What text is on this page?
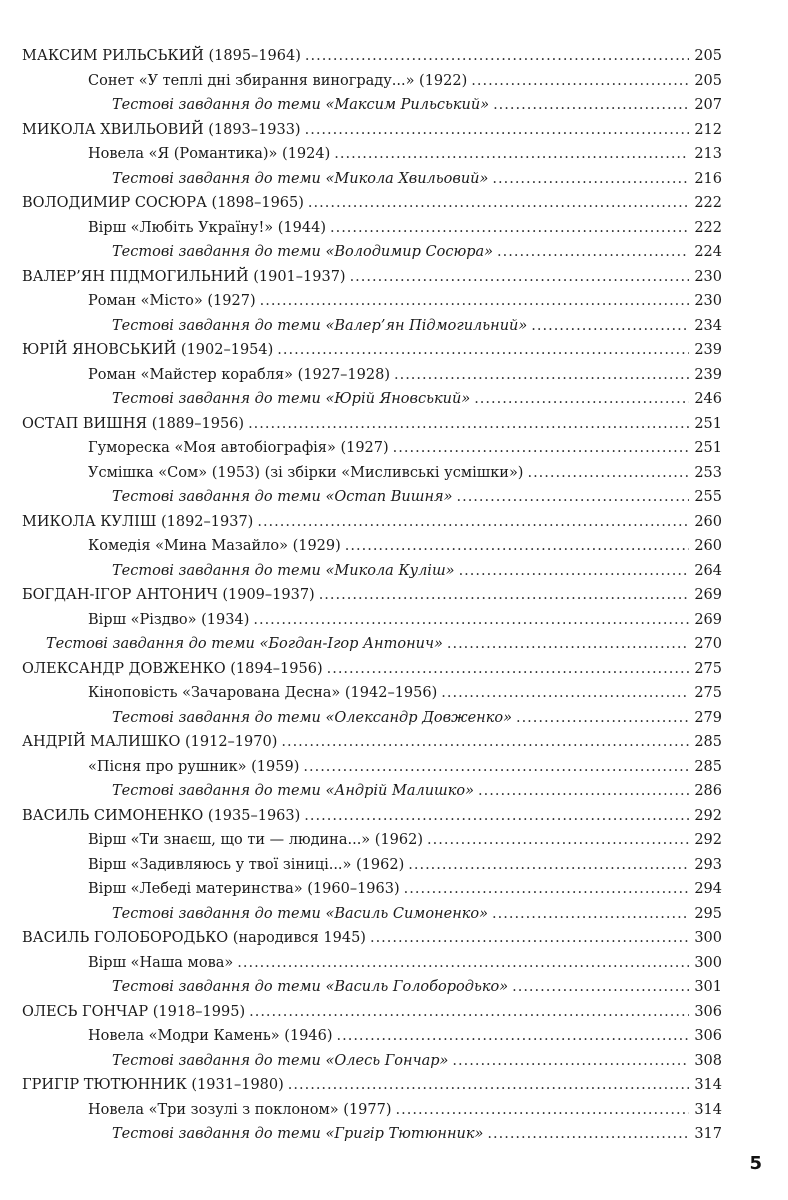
МАКСИМ РИЛЬСЬКИЙ (1895–1964) .....	205
Сонет «У теплі дні збирання винограду...» (1922) .....	205
Тестові завдання до теми «Максим Рильський» .....	207
МИКОЛА ХВИЛЬОВИЙ (1893–1933) .....	212
Новела «Я (Романтика)» (1924) .....	213
Тестові завдання до теми «Микола Хвильовий» .....	216
ВОЛОДИМИР СОСЮРА (1898–1965) .....	222
Вірш «Любіть Україну!» (1944) .....	222
Тестові завдання до теми «Володимир Сосюра» .....	224
ВАЛЕР’ЯН ПІДМОГИЛЬНИЙ (1901–1937) .....	230
Роман «Місто» (1927) .....	230
Тестові завдання до теми «Валер’ян Підмогильний» .....	234
ЮРІЙ ЯНОВСЬКИЙ (1902–1954) .....	239
Роман «Майстер корабля» (1927–1928) .....	239
Тестові завдання до теми «Юрій Яновський» .....	246
ОСТАП ВИШНЯ (1889–1956) .....	251
Гумореска «Моя автобіографія» (1927) .....	251
Усмішка «Сом» (1953) (зі збірки «Мисливські усмішки») .....	253
Тестові завдання до теми «Остап Вишня» .....	255
МИКОЛА КУЛІШ (1892–1937) .....	260
Комедія «Мина Мазайло» (1929) .....	260
Тестові завдання до теми «Микола Куліш» .....	264
БОГДАН-ІГОР АНТОНИЧ (1909–1937) .....	269
Вірш «Різдво» (1934) .....	269
Тестові завдання до теми «Богдан-Ігор Антонич» .....	270
ОЛЕКСАНДР ДОВЖЕНКО (1894–1956) .....	275
Кіноповість «Зачарована Десна» (1942–1956) .....	275
Тестові завдання до теми «Олександр Довженко» .....	279
АНДРІЙ МАЛИШКО (1912–1970) .....	285
«Пісня про рушник» (1959) .....	285
Тестові завдання до теми «Андрій Малишко» .....	286
ВАСИЛЬ СИМОНЕНКО (1935–1963) .....	292
Вірш «Ти знаєш, що ти — людина...» (1962) .....	292
Вірш «Задивляюсь у твої зіниці...» (1962) .....	293
Вірш «Лебеді материнства» (1960–1963) .....	294
Тестові завдання до теми «Василь Симоненко» .....	295
ВАСИЛЬ ГОЛОБОРОДЬКО (народився 1945) .....	300
Вірш «Наша мова» .....	300
Тестові завдання до теми «Василь Голобородько» .....	301
ОЛЕСЬ ГОНЧАР (1918–1995) .....	306
Новела «Модри Камень» (1946) .....	306
Тестові завдання до теми «Олесь Гончар» .....	308
ГРИГІР ТЮТЮННИК (1931–1980) .....	314
Новела «Три зозулі з поклоном» (1977) .....	314
Тестові завдання до теми «Григір Тютюнник» .....	317
5
